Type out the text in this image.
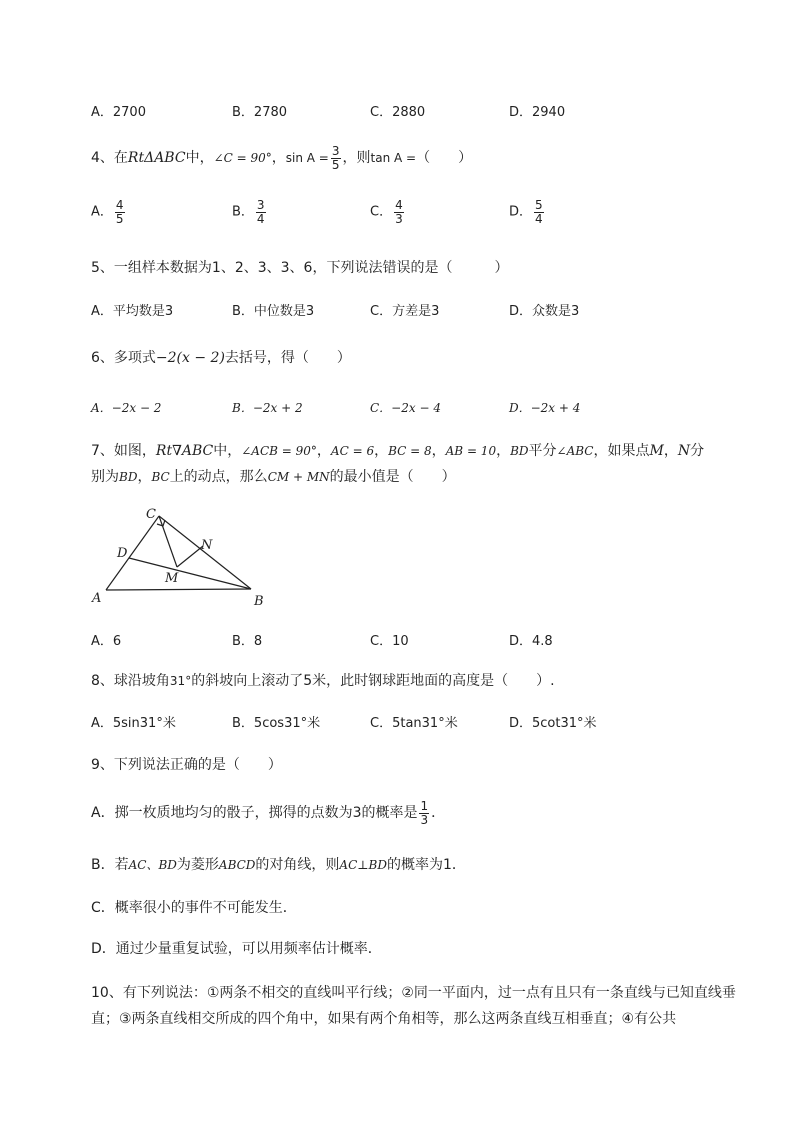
A．2700	B．2780	C．2880	D．2940
4、在RtΔABC中，∠C = 90°，$\sin A = \frac{3}{5}$ ，则tan A =（　　）
A． $\frac{4}{5}$	B． $\frac{3}{4}$	C． $\frac{4}{3}$	D． $\frac{5}{4}$
5、一组样本数据为1、2、3、3、6，下列说法错误的是（　　　）
A．平均数是3	B．中位数是3	C．方差是3	D．众数是3
6、多项式−2(x − 2)去括号，得（　　）
A．−2x − 2	B．−2x + 2	C．−2x − 4	D．−2x + 4
7、如图，Rt∇ABC中，∠ACB = 90°，AC = 6，BC = 8，AB = 10，BD平分∠ABC，如果点M，N分
别为BD，BC上的动点，那么CM + MN的最小值是（　　）
A	B
C
D
M
N
A．6	B．8	C．10	D．4.8
8、球沿坡角31°的斜坡向上滚动了5米，此时钢球距地面的高度是（　　）.
A．5sin31°米	B．5cos31°米	C．5tan31°米	D．5cot31°米
9、下列说法正确的是（　　）
A．掷一枚质地均匀的骰子，掷得的点数为3的概率是 $\frac{1}{3}$ ．
B．若AC、BD为菱形ABCD的对角线，则AC⊥BD的概率为1．
C．概率很小的事件不可能发生．
D．通过少量重复试验，可以用频率估计概率．
10、有下列说法：①两条不相交的直线叫平行线；②同一平面内，过一点有且只有一条直线与已知直线垂直；③两条直线相交所成的四个角中，如果有两个角相等，那么这两条直线互相垂直；④有公共
